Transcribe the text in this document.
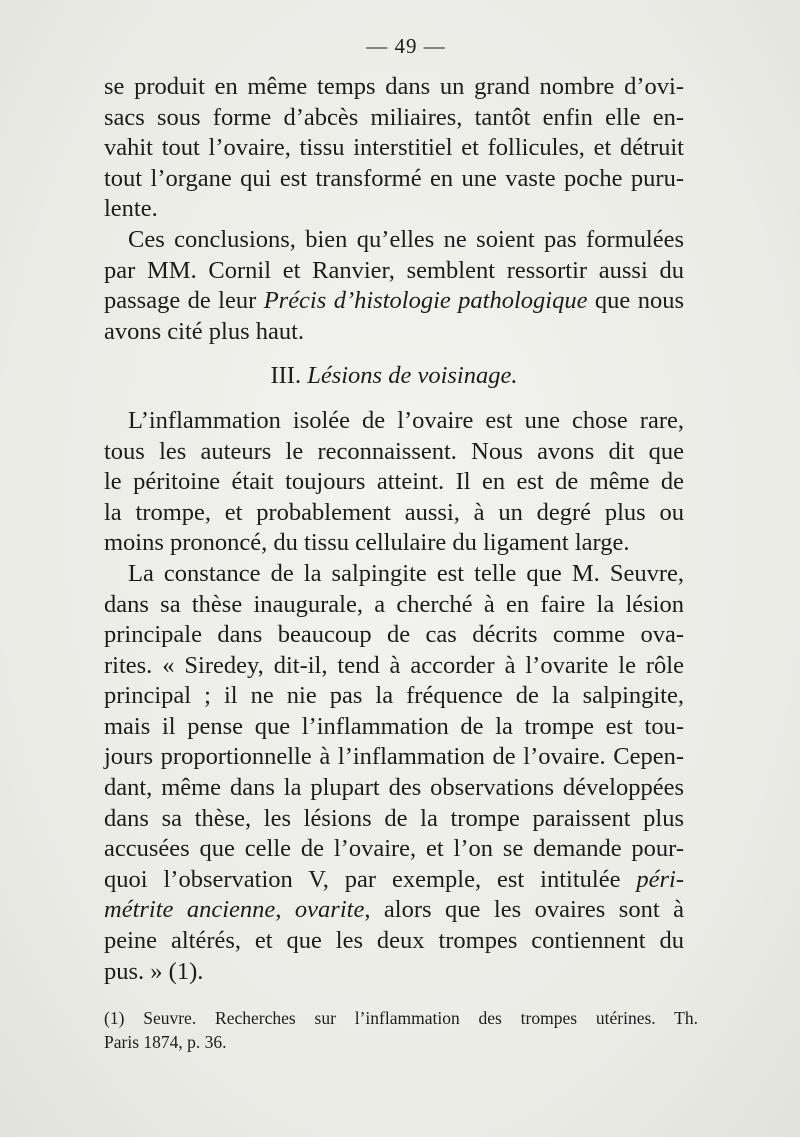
— 49 —
se produit en même temps dans un grand nombre d’ovi-
sacs sous forme d’abcès miliaires, tantôt enfin elle en-
vahit tout l’ovaire, tissu interstitiel et follicules, et détruit
tout l’organe qui est transformé en une vaste poche puru-
lente.
Ces conclusions, bien qu’elles ne soient pas formulées
par MM. Cornil et Ranvier, semblent ressortir aussi du
passage de leur Précis d’histologie pathologique que nous
avons cité plus haut.
III. Lésions de voisinage.
L’inflammation isolée de l’ovaire est une chose rare,
tous les auteurs le reconnaissent. Nous avons dit que
le péritoine était toujours atteint. Il en est de même de
la trompe, et probablement aussi, à un degré plus ou
moins prononcé, du tissu cellulaire du ligament large.
La constance de la salpingite est telle que M. Seuvre,
dans sa thèse inaugurale, a cherché à en faire la lésion
principale dans beaucoup de cas décrits comme ova-
rites. « Siredey, dit-il, tend à accorder à l’ovarite le rôle
principal ; il ne nie pas la fréquence de la salpingite,
mais il pense que l’inflammation de la trompe est tou-
jours proportionnelle à l’inflammation de l’ovaire. Cepen-
dant, même dans la plupart des observations développées
dans sa thèse, les lésions de la trompe paraissent plus
accusées que celle de l’ovaire, et l’on se demande pour-
quoi l’observation V, par exemple, est intitulée péri-
métrite ancienne, ovarite, alors que les ovaires sont à
peine altérés, et que les deux trompes contiennent du
pus. » (1).
(1) Seuvre. Recherches sur l’inflammation des trompes utérines. Th.
Paris 1874, p. 36.
